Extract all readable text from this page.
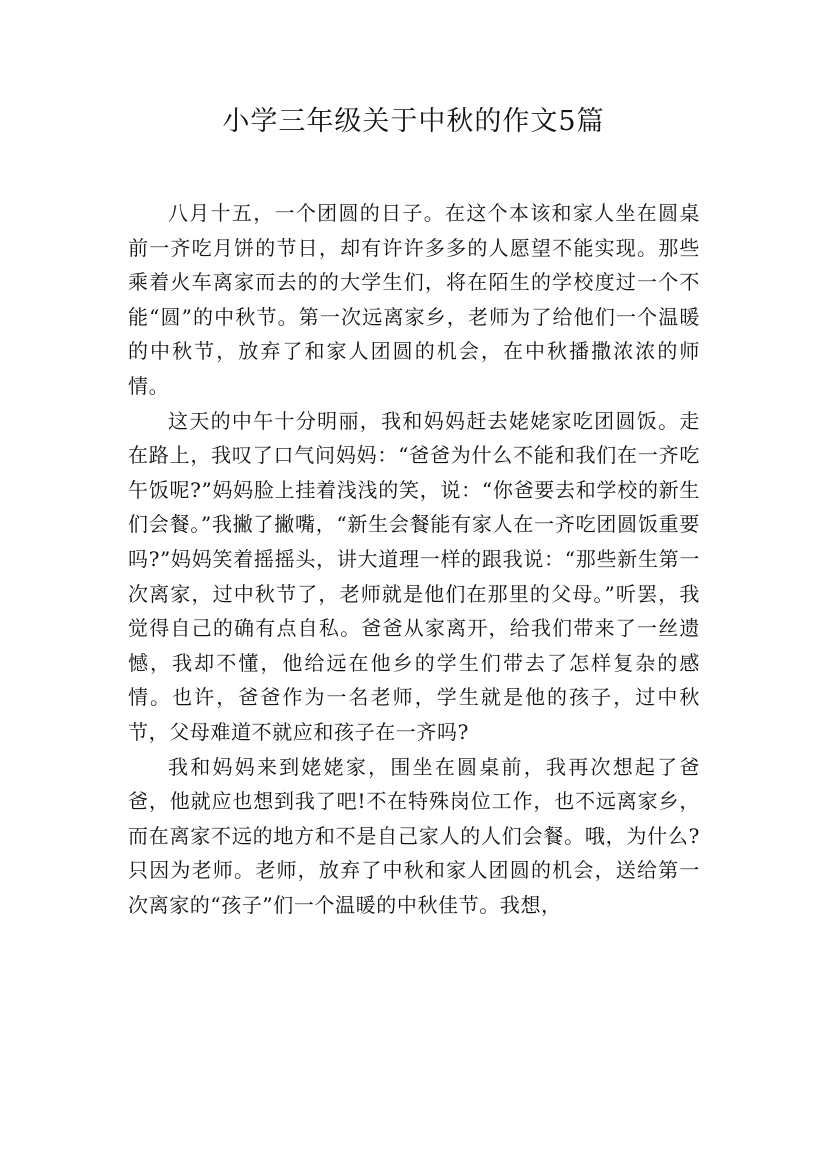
小学三年级关于中秋的作文5篇

八月十五，一个团圆的日子。在这个本该和家人坐在圆桌前一齐吃月饼的节日，却有许许多多的人愿望不能实现。那些乘着火车离家而去的的大学生们，将在陌生的学校度过一个不能“圆”的中秋节。第一次远离家乡，老师为了给他们一个温暖的中秋节，放弃了和家人团圆的机会，在中秋播撒浓浓的师情。

这天的中午十分明丽，我和妈妈赶去姥姥家吃团圆饭。走在路上，我叹了口气问妈妈：“爸爸为什么不能和我们在一齐吃午饭呢?”妈妈脸上挂着浅浅的笑，说：“你爸要去和学校的新生们会餐。”我撇了撇嘴，“新生会餐能有家人在一齐吃团圆饭重要吗?”妈妈笑着摇摇头，讲大道理一样的跟我说：“那些新生第一次离家，过中秋节了，老师就是他们在那里的父母。”听罢，我觉得自己的确有点自私。爸爸从家离开，给我们带来了一丝遗憾，我却不懂，他给远在他乡的学生们带去了怎样复杂的感情。也许，爸爸作为一名老师，学生就是他的孩子，过中秋节，父母难道不就应和孩子在一齐吗?

我和妈妈来到姥姥家，围坐在圆桌前，我再次想起了爸爸，他就应也想到我了吧!不在特殊岗位工作，也不远离家乡，而在离家不远的地方和不是自己家人的人们会餐。哦，为什么?只因为老师。老师，放弃了中秋和家人团圆的机会，送给第一次离家的“孩子”们一个温暖的中秋佳节。我想，
